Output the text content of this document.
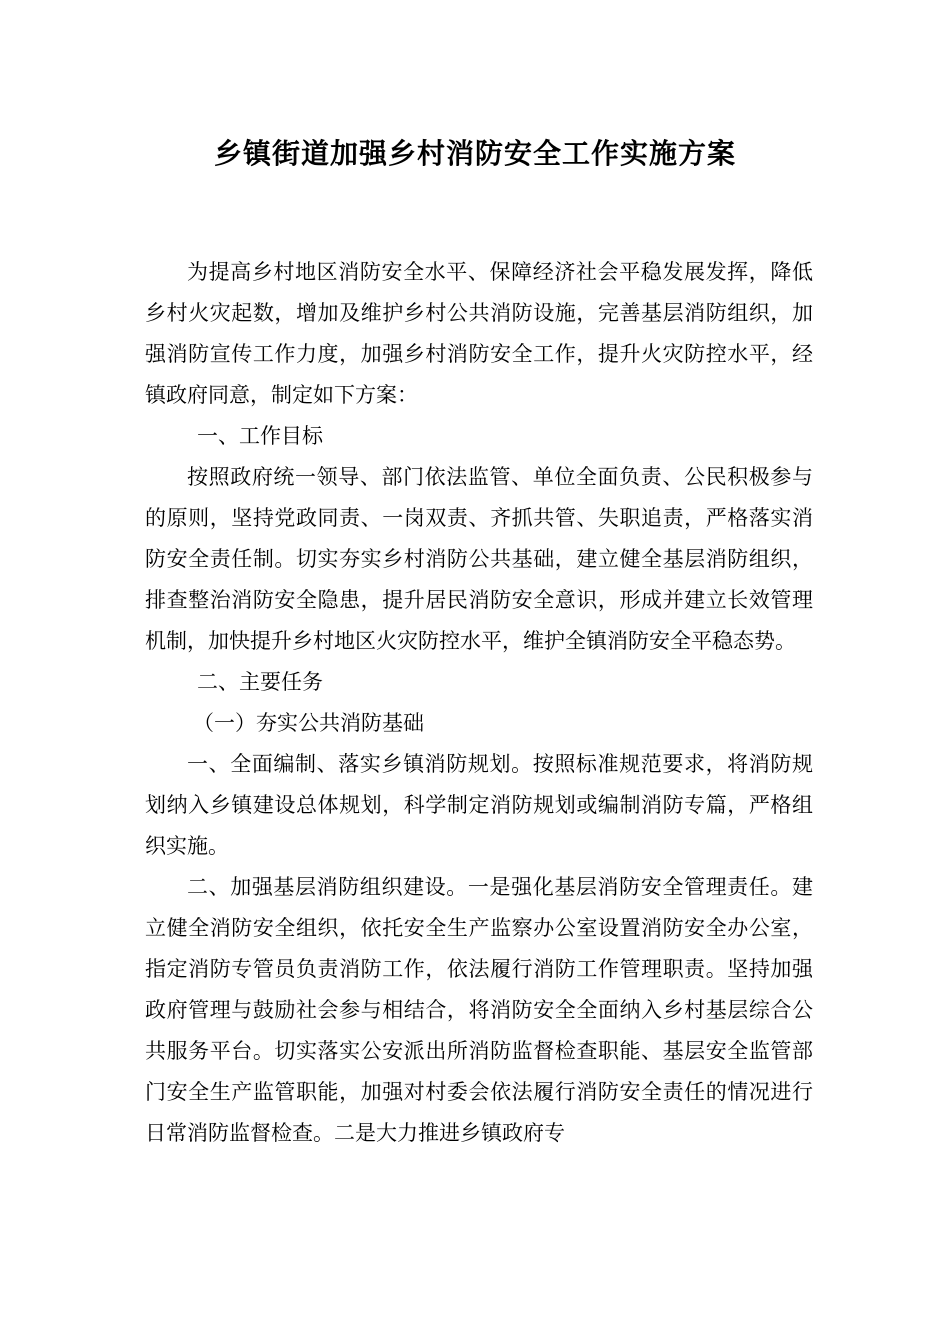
乡镇街道加强乡村消防安全工作实施方案

为提高乡村地区消防安全水平、保障经济社会平稳发展发挥，降低乡村火灾起数，增加及维护乡村公共消防设施，完善基层消防组织，加强消防宣传工作力度，加强乡村消防安全工作，提升火灾防控水平，经镇政府同意，制定如下方案：

一、工作目标

按照政府统一领导、部门依法监管、单位全面负责、公民积极参与的原则，坚持党政同责、一岗双责、齐抓共管、失职追责，严格落实消防安全责任制。切实夯实乡村消防公共基础，建立健全基层消防组织，排查整治消防安全隐患，提升居民消防安全意识，形成并建立长效管理机制，加快提升乡村地区火灾防控水平，维护全镇消防安全平稳态势。

二、主要任务

（一）夯实公共消防基础

一、全面编制、落实乡镇消防规划。按照标准规范要求，将消防规划纳入乡镇建设总体规划，科学制定消防规划或编制消防专篇，严格组织实施。

二、加强基层消防组织建设。一是强化基层消防安全管理责任。建立健全消防安全组织，依托安全生产监察办公室设置消防安全办公室，指定消防专管员负责消防工作，依法履行消防工作管理职责。坚持加强政府管理与鼓励社会参与相结合，将消防安全全面纳入乡村基层综合公共服务平台。切实落实公安派出所消防监督检查职能、基层安全监管部门安全生产监管职能，加强对村委会依法履行消防安全责任的情况进行日常消防监督检查。二是大力推进乡镇政府专
